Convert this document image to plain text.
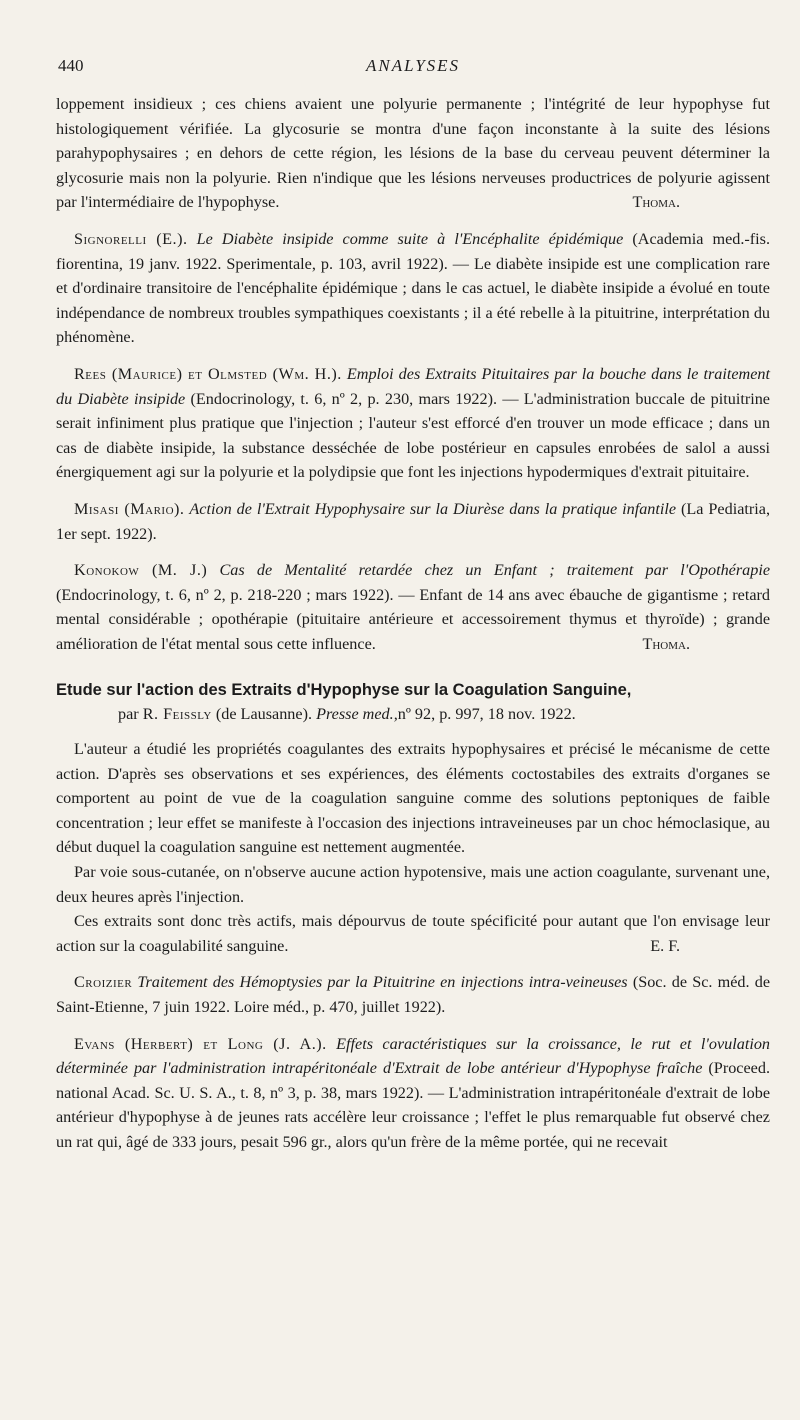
440	ANALYSES

loppement insidieux ; ces chiens avaient une polyurie permanente ; l'intégrité de leur hypophyse fut histologiquement vérifiée. La glycosurie se montra d'une façon inconstante à la suite des lésions parahypophysaires ; en dehors de cette région, les lésions de la base du cerveau peuvent déterminer la glycosurie mais non la polyurie. Rien n'indique que les lésions nerveuses productrices de polyurie agissent par l'intermédiaire de l'hypophyse.	Thoma.

Signorelli (E.). Le Diabète insipide comme suite à l'Encéphalite épidémique (Academia med.-fis. fiorentina, 19 janv. 1922. Sperimentale, p. 103, avril 1922). — Le diabète insipide est une complication rare et d'ordinaire transitoire de l'encéphalite épidémique ; dans le cas actuel, le diabète insipide a évolué en toute indépendance de nombreux troubles sympathiques coexistants ; il a été rebelle à la pituitrine, interprétation du phénomène.

Rees (Maurice) et Olmsted (Wm. H.). Emploi des Extraits Pituitaires par la bouche dans le traitement du Diabète insipide (Endocrinology, t. 6, nº 2, p. 230, mars 1922). — L'administration buccale de pituitrine serait infiniment plus pratique que l'injection ; l'auteur s'est efforcé d'en trouver un mode efficace ; dans un cas de diabète insipide, la substance desséchée de lobe postérieur en capsules enrobées de salol a aussi énergiquement agi sur la polyurie et la polydipsie que font les injections hypodermiques d'extrait pituitaire.

Misasi (Mario). Action de l'Extrait Hypophysaire sur la Diurèse dans la pratique infantile (La Pediatria, 1er sept. 1922).

Konokow (M. J.) Cas de Mentalité retardée chez un Enfant ; traitement par l'Opothérapie (Endocrinology, t. 6, nº 2, p. 218-220 ; mars 1922). — Enfant de 14 ans avec ébauche de gigantisme ; retard mental considérable ; opothérapie (pituitaire antérieure et accessoirement thymus et thyroïde) ; grande amélioration de l'état mental sous cette influence.	Thoma.

Etude sur l'action des Extraits d'Hypophyse sur la Coagulation Sanguine,

par R. Feissly (de Lausanne). Presse med.,nº 92, p. 997, 18 nov. 1922.

L'auteur a étudié les propriétés coagulantes des extraits hypophysaires et précisé le mécanisme de cette action. D'après ses observations et ses expériences, des éléments coctostabiles des extraits d'organes se comportent au point de vue de la coagulation sanguine comme des solutions peptoniques de faible concentration ; leur effet se manifeste à l'occasion des injections intraveineuses par un choc hémoclasique, au début duquel la coagulation sanguine est nettement augmentée.

Par voie sous-cutanée, on n'observe aucune action hypotensive, mais une action coagulante, survenant une, deux heures après l'injection.

Ces extraits sont donc très actifs, mais dépourvus de toute spécificité pour autant que l'on envisage leur action sur la coagulabilité sanguine.	E. F.

Croizier Traitement des Hémoptysies par la Pituitrine en injections intra-veineuses (Soc. de Sc. méd. de Saint-Etienne, 7 juin 1922. Loire méd., p. 470, juillet 1922).

Evans (Herbert) et Long (J. A.). Effets caractéristiques sur la croissance, le rut et l'ovulation déterminée par l'administration intrapéritonéale d'Extrait de lobe antérieur d'Hypophyse fraîche (Proceed. national Acad. Sc. U. S. A., t. 8, nº 3, p. 38, mars 1922). — L'administration intrapéritonéale d'extrait de lobe antérieur d'hypophyse à de jeunes rats accélère leur croissance ; l'effet le plus remarquable fut observé chez un rat qui, âgé de 333 jours, pesait 596 gr., alors qu'un frère de la même portée, qui ne recevait
